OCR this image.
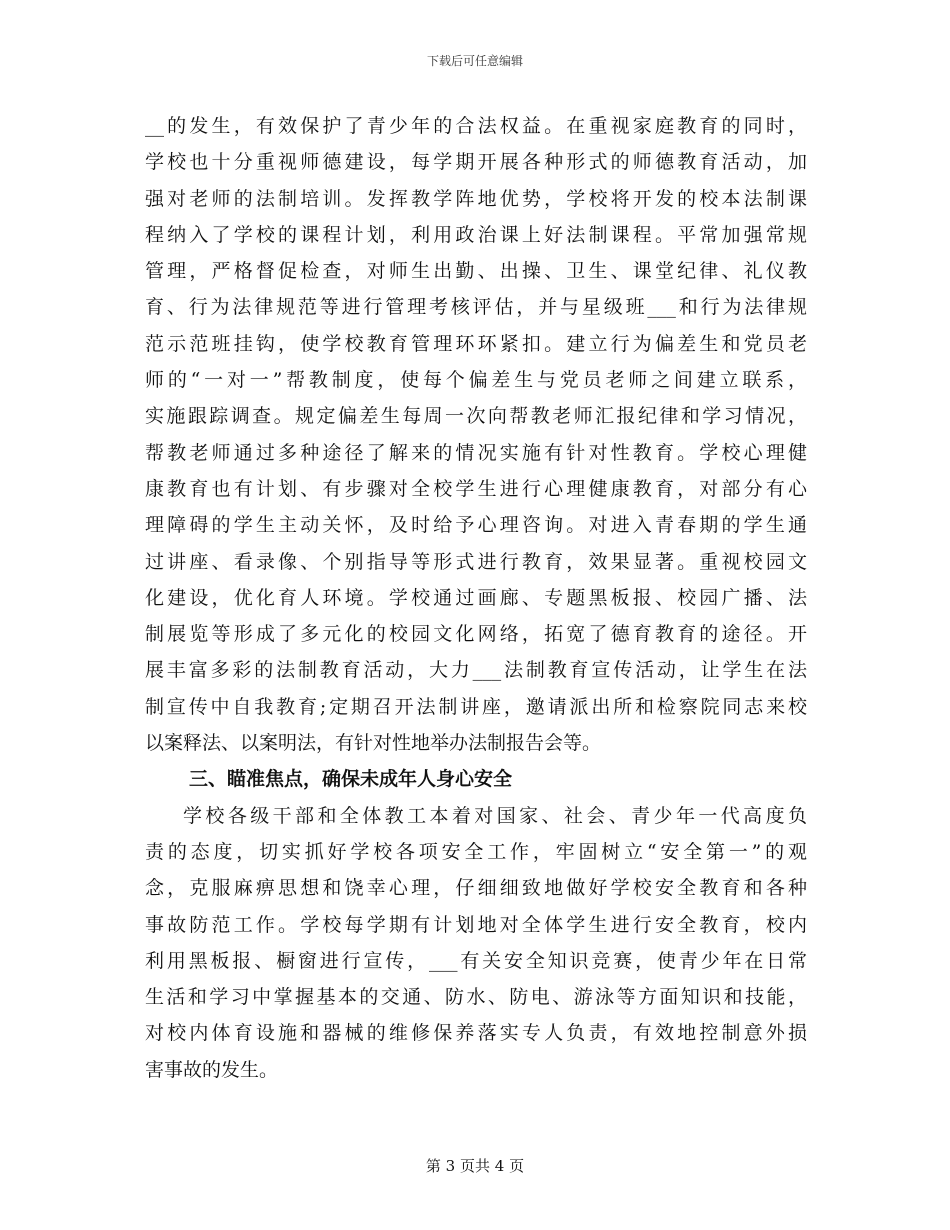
下载后可任意编辑
__的发生，有效保护了青少年的合法权益。在重视家庭教育的同时，
学校也十分重视师德建设，每学期开展各种形式的师德教育活动，加
强对老师的法制培训。发挥教学阵地优势，学校将开发的校本法制课
程纳入了学校的课程计划，利用政治课上好法制课程。平常加强常规
管理，严格督促检查，对师生出勤、出操、卫生、课堂纪律、礼仪教
育、行为法律规范等进行管理考核评估，并与星级班___和行为法律规
范示范班挂钩，使学校教育管理环环紧扣。建立行为偏差生和党员老
师的“一对一”帮教制度，使每个偏差生与党员老师之间建立联系，
实施跟踪调查。规定偏差生每周一次向帮教老师汇报纪律和学习情况，
帮教老师通过多种途径了解来的情况实施有针对性教育。学校心理健
康教育也有计划、有步骤对全校学生进行心理健康教育，对部分有心
理障碍的学生主动关怀，及时给予心理咨询。对进入青春期的学生通
过讲座、看录像、个别指导等形式进行教育，效果显著。重视校园文
化建设，优化育人环境。学校通过画廊、专题黑板报、校园广播、法
制展览等形成了多元化的校园文化网络，拓宽了德育教育的途径。开
展丰富多彩的法制教育活动，大力___法制教育宣传活动，让学生在法
制宣传中自我教育;定期召开法制讲座，邀请派出所和检察院同志来校
以案释法、以案明法，有针对性地举办法制报告会等。
三、瞄准焦点，确保未成年人身心安全
学校各级干部和全体教工本着对国家、社会、青少年一代高度负
责的态度，切实抓好学校各项安全工作，牢固树立“安全第一”的观
念，克服麻痹思想和饶幸心理，仔细细致地做好学校安全教育和各种
事故防范工作。学校每学期有计划地对全体学生进行安全教育，校内
利用黑板报、橱窗进行宣传，___有关安全知识竞赛，使青少年在日常
生活和学习中掌握基本的交通、防水、防电、游泳等方面知识和技能，
对校内体育设施和器械的维修保养落实专人负责，有效地控制意外损
害事故的发生。
第 3 页共 4 页
